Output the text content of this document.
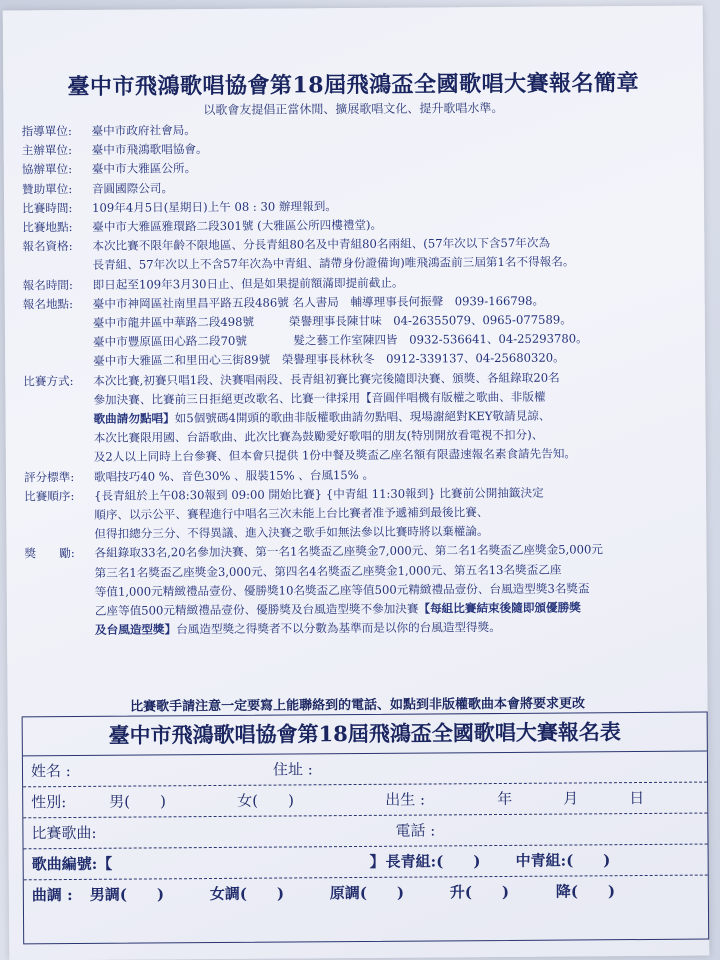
臺中市飛鴻歌唱協會第18屆飛鴻盃全國歌唱大賽報名簡章
以歌會友提倡正當休閒、擴展歌唱文化、提升歌唱水準。
指導單位:	臺中市政府社會局。
主辦單位:	臺中市飛鴻歌唱協會。
協辦單位:	臺中市大雅區公所。
贊助單位:	音圓國際公司。
比賽時間:	109年4月5日(星期日)上午 08 : 30 辦理報到。
比賽地點:	臺中市大雅區雅環路二段301號 (大雅區公所四樓禮堂)。
報名資格:	本次比賽不限年齡不限地區、分長青組80名及中青組80名兩組、(57年次以下含57年次為
長青組、57年次以上不含57年次為中青組、請帶身份證備询)唯飛鴻盃前三屆第1名不得報名。
報名時間:	即日起至109年3月30日止、但是如果提前額滿即提前截止。
報名地點:	臺中市神岡區社南里昌平路五段486號 名人書局　輔導理事長何振聲　0939-166798。
臺中市龍井區中華路二段498號　　　榮譽理事長陳甘味　04-26355079、0965-077589。
臺中市豐原區田心路二段70號　　　　髮之藝工作室陳四皆　0932-536641、04-25293780。
臺中市大雅區二和里田心三街89號　榮譽理事長林秋冬　0912-339137、04-25680320。
比賽方式:	本次比賽,初賽只唱1段、決賽唱兩段、長青組初賽比賽完後隨即決賽、頒獎、各組錄取20名
參加決賽、比賽前三日拒絕更改歌名、比賽一律採用【音圓伴唱機有版權之歌曲、非版權
歌曲請勿點唱】如5個號碼4開頭的歌曲非版權歌曲請勿點唱、現場謝絕對KEY敬請見諒、
本次比賽限用國、台語歌曲、此次比賽為鼓勵愛好歌唱的朋友(特別開放看電視不扣分)、
及2人以上同時上台參賽、但本會只提供 1份中餐及獎盃乙座名額有限盡速報名素食請先告知。
評分標準:	歌唱技巧40 %、音色30% 、服裝15% 、台風15% 。
比賽順序:	{長青組於上午08:30報到 09:00 開始比賽} {中青組 11:30報到} 比賽前公開抽籤決定
順序、以示公平、賽程進行中唱名三次未能上台比賽者准予遞補到最後比賽、
但得扣總分三分、不得異議、進入決賽之歌手如無法參以比賽時將以棄權論。
獎　　勵:	各組錄取33名,20名參加決賽、第一名1名獎盃乙座獎金7,000元、第二名1名獎盃乙座獎金5,000元
第三名1名獎盃乙座獎金3,000元、第四名4名獎盃乙座獎金1,000元、第五名13名獎盃乙座
等值1,000元精緻禮品壹份、優勝獎10名獎盃乙座等值500元精緻禮品壹份、台風造型獎3名獎盃
乙座等值500元精緻禮品壹份、優勝獎及台風造型獎不參加決賽【每組比賽結束後隨即頒優勝獎
及台風造型獎】台風造型獎之得獎者不以分數為基準而是以你的台風造型得獎。
比賽歌手請注意一定要寫上能聯絡到的電話、如點到非版權歌曲本會將要求更改
臺中市飛鴻歌唱協會第18屆飛鴻盃全國歌唱大賽報名表
姓名 :	住址 :
性別:	男(　　)	女(　　)	出生 :	年	月	日
比賽歌曲:	電話 :
歌曲編號:【	】 長青組:(　　) 中青組:(　　)
曲調 : 男調(　　)	女調(　　)	原調(　　)	升(　　)	降(　　)
